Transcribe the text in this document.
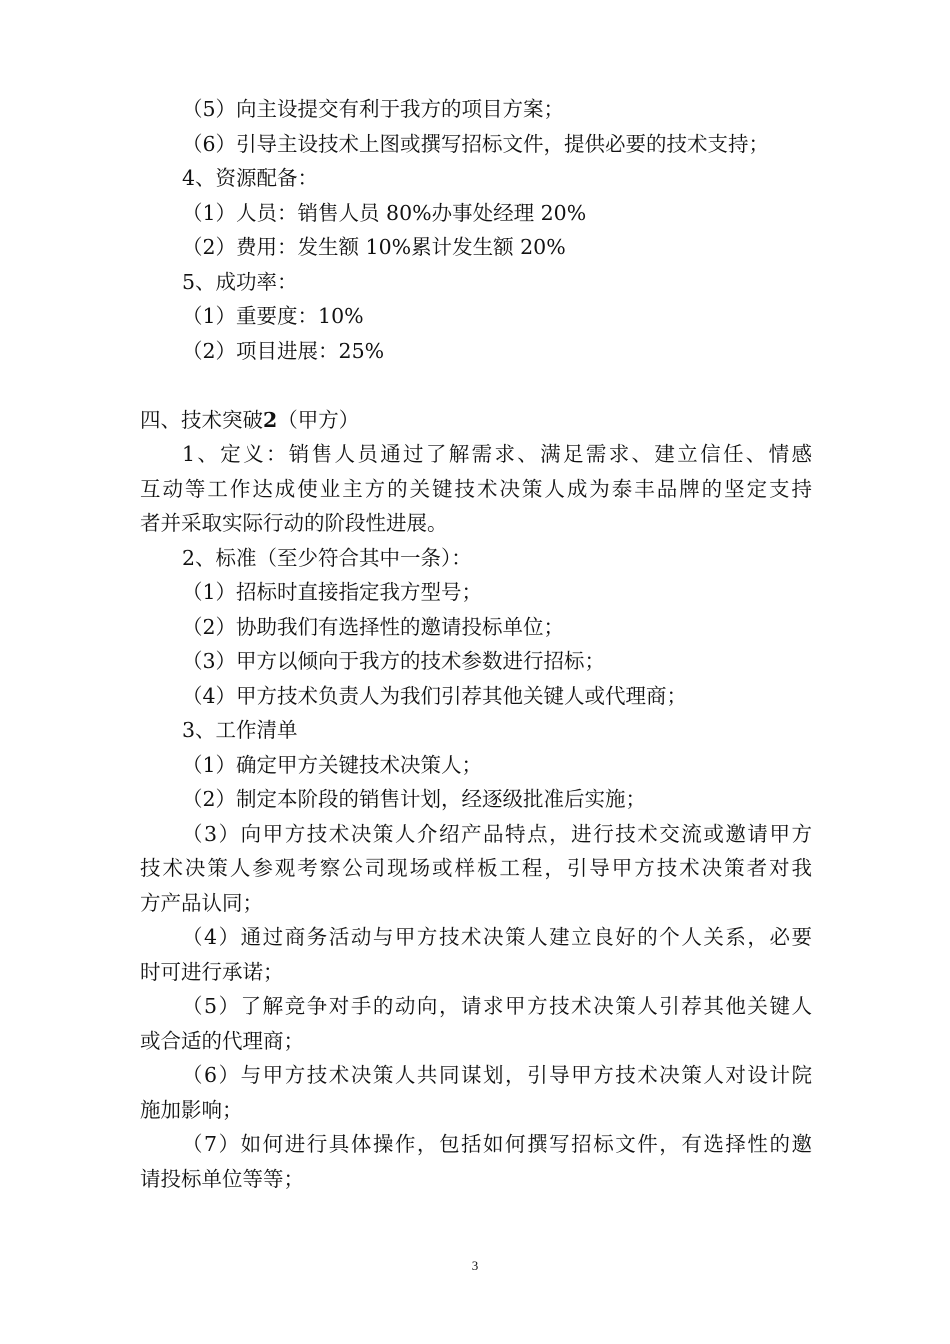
（5）向主设提交有利于我方的项目方案；
（6）引导主设技术上图或撰写招标文件，提供必要的技术支持；
4、资源配备：
（1）人员：销售人员 80%办事处经理 20%
（2）费用：发生额 10%累计发生额 20%
5、成功率：
（1）重要度：10%
（2）项目进展：25%
四、技术突破2（甲方）
1、定义：销售人员通过了解需求、满足需求、建立信任、情感
互动等工作达成使业主方的关键技术决策人成为泰丰品牌的坚定支持
者并采取实际行动的阶段性进展。
2、标准（至少符合其中一条）：
（1）招标时直接指定我方型号；
（2）协助我们有选择性的邀请投标单位；
（3）甲方以倾向于我方的技术参数进行招标；
（4）甲方技术负责人为我们引荐其他关键人或代理商；
3、工作清单
（1）确定甲方关键技术决策人；
（2）制定本阶段的销售计划，经逐级批准后实施；
（3）向甲方技术决策人介绍产品特点，进行技术交流或邀请甲方
技术决策人参观考察公司现场或样板工程，引导甲方技术决策者对我
方产品认同；
（4）通过商务活动与甲方技术决策人建立良好的个人关系，必要
时可进行承诺；
（5）了解竞争对手的动向，请求甲方技术决策人引荐其他关键人
或合适的代理商；
（6）与甲方技术决策人共同谋划，引导甲方技术决策人对设计院
施加影响；
（7）如何进行具体操作，包括如何撰写招标文件，有选择性的邀
请投标单位等等；
3
